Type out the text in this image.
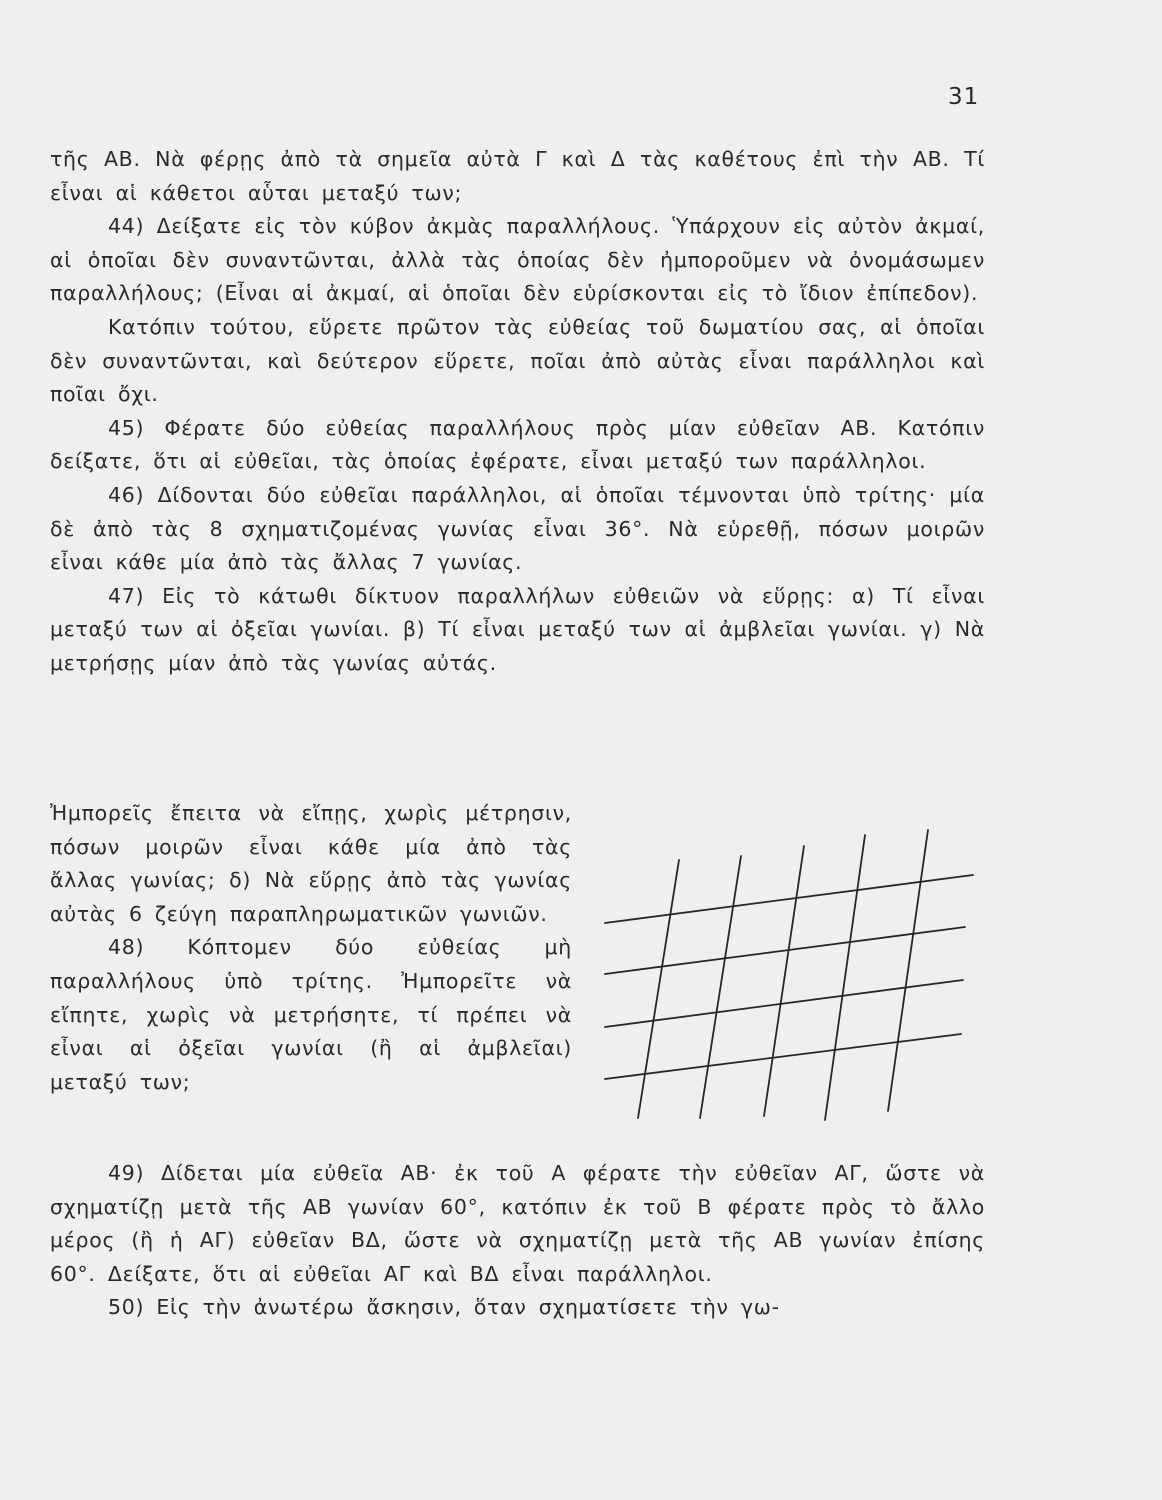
31

τῆς ΑΒ. Νὰ φέρῃς ἀπὸ τὰ σημεῖα αὐτὰ Γ καὶ Δ τὰς καθέτους ἐπὶ τὴν ΑΒ. Τί εἶναι αἱ κάθετοι αὗται μεταξύ των;

44) Δείξατε εἰς τὸν κύβον ἀκμὰς παραλλήλους. Ὑπάρχουν εἰς αὐτὸν ἀκμαί, αἱ ὁποῖαι δὲν συναντῶνται, ἀλλὰ τὰς ὁποίας δὲν ἠμποροῦμεν νὰ ὀνομάσωμεν παραλλήλους; (Εἶναι αἱ ἀκμαί, αἱ ὁποῖαι δὲν εὑρίσκονται εἰς τὸ ἴδιον ἐπίπεδον).

Κατόπιν τούτου, εὕρετε πρῶτον τὰς εὐθείας τοῦ δωματίου σας, αἱ ὁποῖαι δὲν συναντῶνται, καὶ δεύτερον εὕρετε, ποῖαι ἀπὸ αὐτὰς εἶναι παράλληλοι καὶ ποῖαι ὄχι.

45) Φέρατε δύο εὐθείας παραλλήλους πρὸς μίαν εὐθεῖαν ΑΒ. Κατόπιν δείξατε, ὅτι αἱ εὐθεῖαι, τὰς ὁποίας ἐφέρατε, εἶναι μεταξύ των παράλληλοι.

46) Δίδονται δύο εὐθεῖαι παράλληλοι, αἱ ὁποῖαι τέμνονται ὑπὸ τρίτης· μία δὲ ἀπὸ τὰς 8 σχηματιζομένας γωνίας εἶναι 36°. Νὰ εὑρεθῇ, πόσων μοιρῶν εἶναι κάθε μία ἀπὸ τὰς ἄλλας 7 γωνίας.

47) Εἰς τὸ κάτωθι δίκτυον παραλλήλων εὐθειῶν νὰ εὕρῃς: α) Τί εἶναι μεταξύ των αἱ ὀξεῖαι γωνίαι. β) Τί εἶναι μεταξύ των αἱ ἀμβλεῖαι γωνίαι. γ) Νὰ μετρήσῃς μίαν ἀπὸ τὰς γωνίας αὐτάς.

Ἠμπορεῖς ἔπειτα νὰ εἴπῃς, χωρὶς μέτρησιν, πόσων μοιρῶν εἶναι κάθε μία ἀπὸ τὰς ἄλλας γωνίας; δ) Νὰ εὕρῃς ἀπὸ τὰς γωνίας αὐτὰς 6 ζεύγη παραπληρωματικῶν γωνιῶν.

48) Κόπτομεν δύο εὐθείας μὴ παραλλήλους ὑπὸ τρίτης. Ἠμπορεῖτε νὰ εἴπητε, χωρὶς νὰ μετρήσητε, τί πρέπει νὰ εἶναι αἱ ὀξεῖαι γωνίαι (ἢ αἱ ἀμβλεῖαι) μεταξύ των;

49) Δίδεται μία εὐθεῖα ΑΒ· ἐκ τοῦ Α φέρατε τὴν εὐθεῖαν ΑΓ, ὥστε νὰ σχηματίζῃ μετὰ τῆς ΑΒ γωνίαν 60°, κατόπιν ἐκ τοῦ Β φέρατε πρὸς τὸ ἄλλο μέρος (ἢ ἡ ΑΓ) εὐθεῖαν ΒΔ, ὥστε νὰ σχηματίζῃ μετὰ τῆς ΑΒ γωνίαν ἐπίσης 60°. Δείξατε, ὅτι αἱ εὐθεῖαι ΑΓ καὶ ΒΔ εἶναι παράλληλοι.

50) Εἰς τὴν ἀνωτέρω ἄσκησιν, ὅταν σχηματίσετε τὴν γω-
